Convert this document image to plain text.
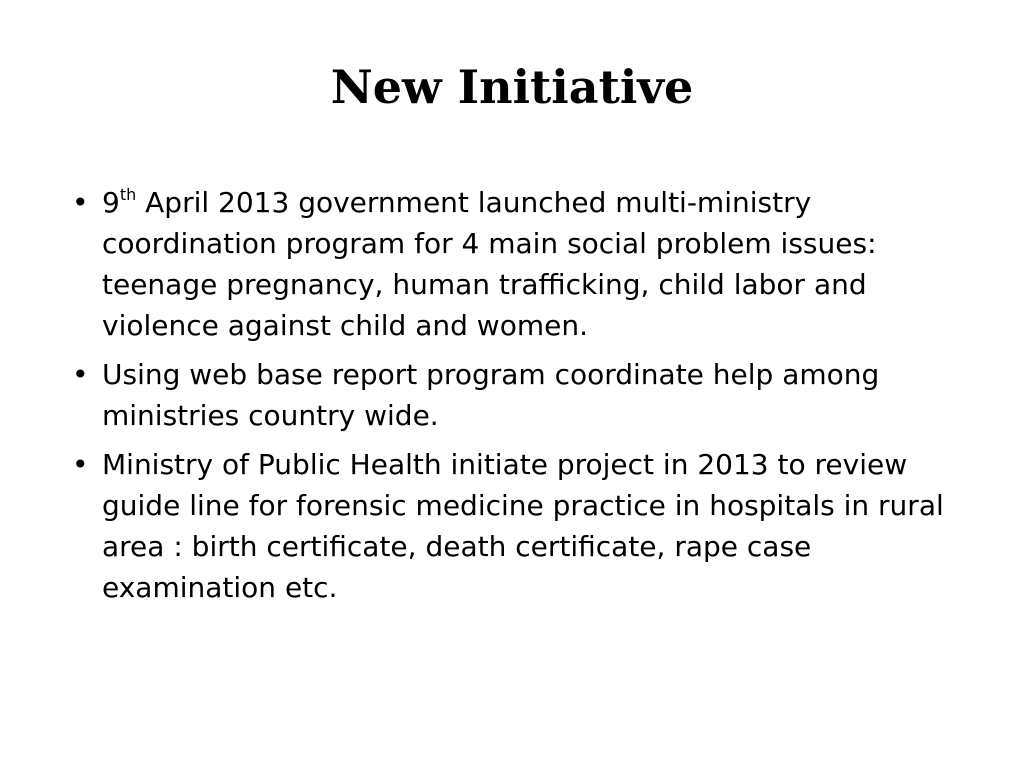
New Initiative
• 9th April 2013 government launched multi-ministry coordination program for 4 main social problem issues: teenage pregnancy, human trafficking, child labor and violence against child and women.
• Using web base report program coordinate help among ministries country wide.
• Ministry of Public Health initiate project in 2013 to review guide line for forensic medicine practice in hospitals in rural area : birth certificate, death certificate, rape case examination etc.
